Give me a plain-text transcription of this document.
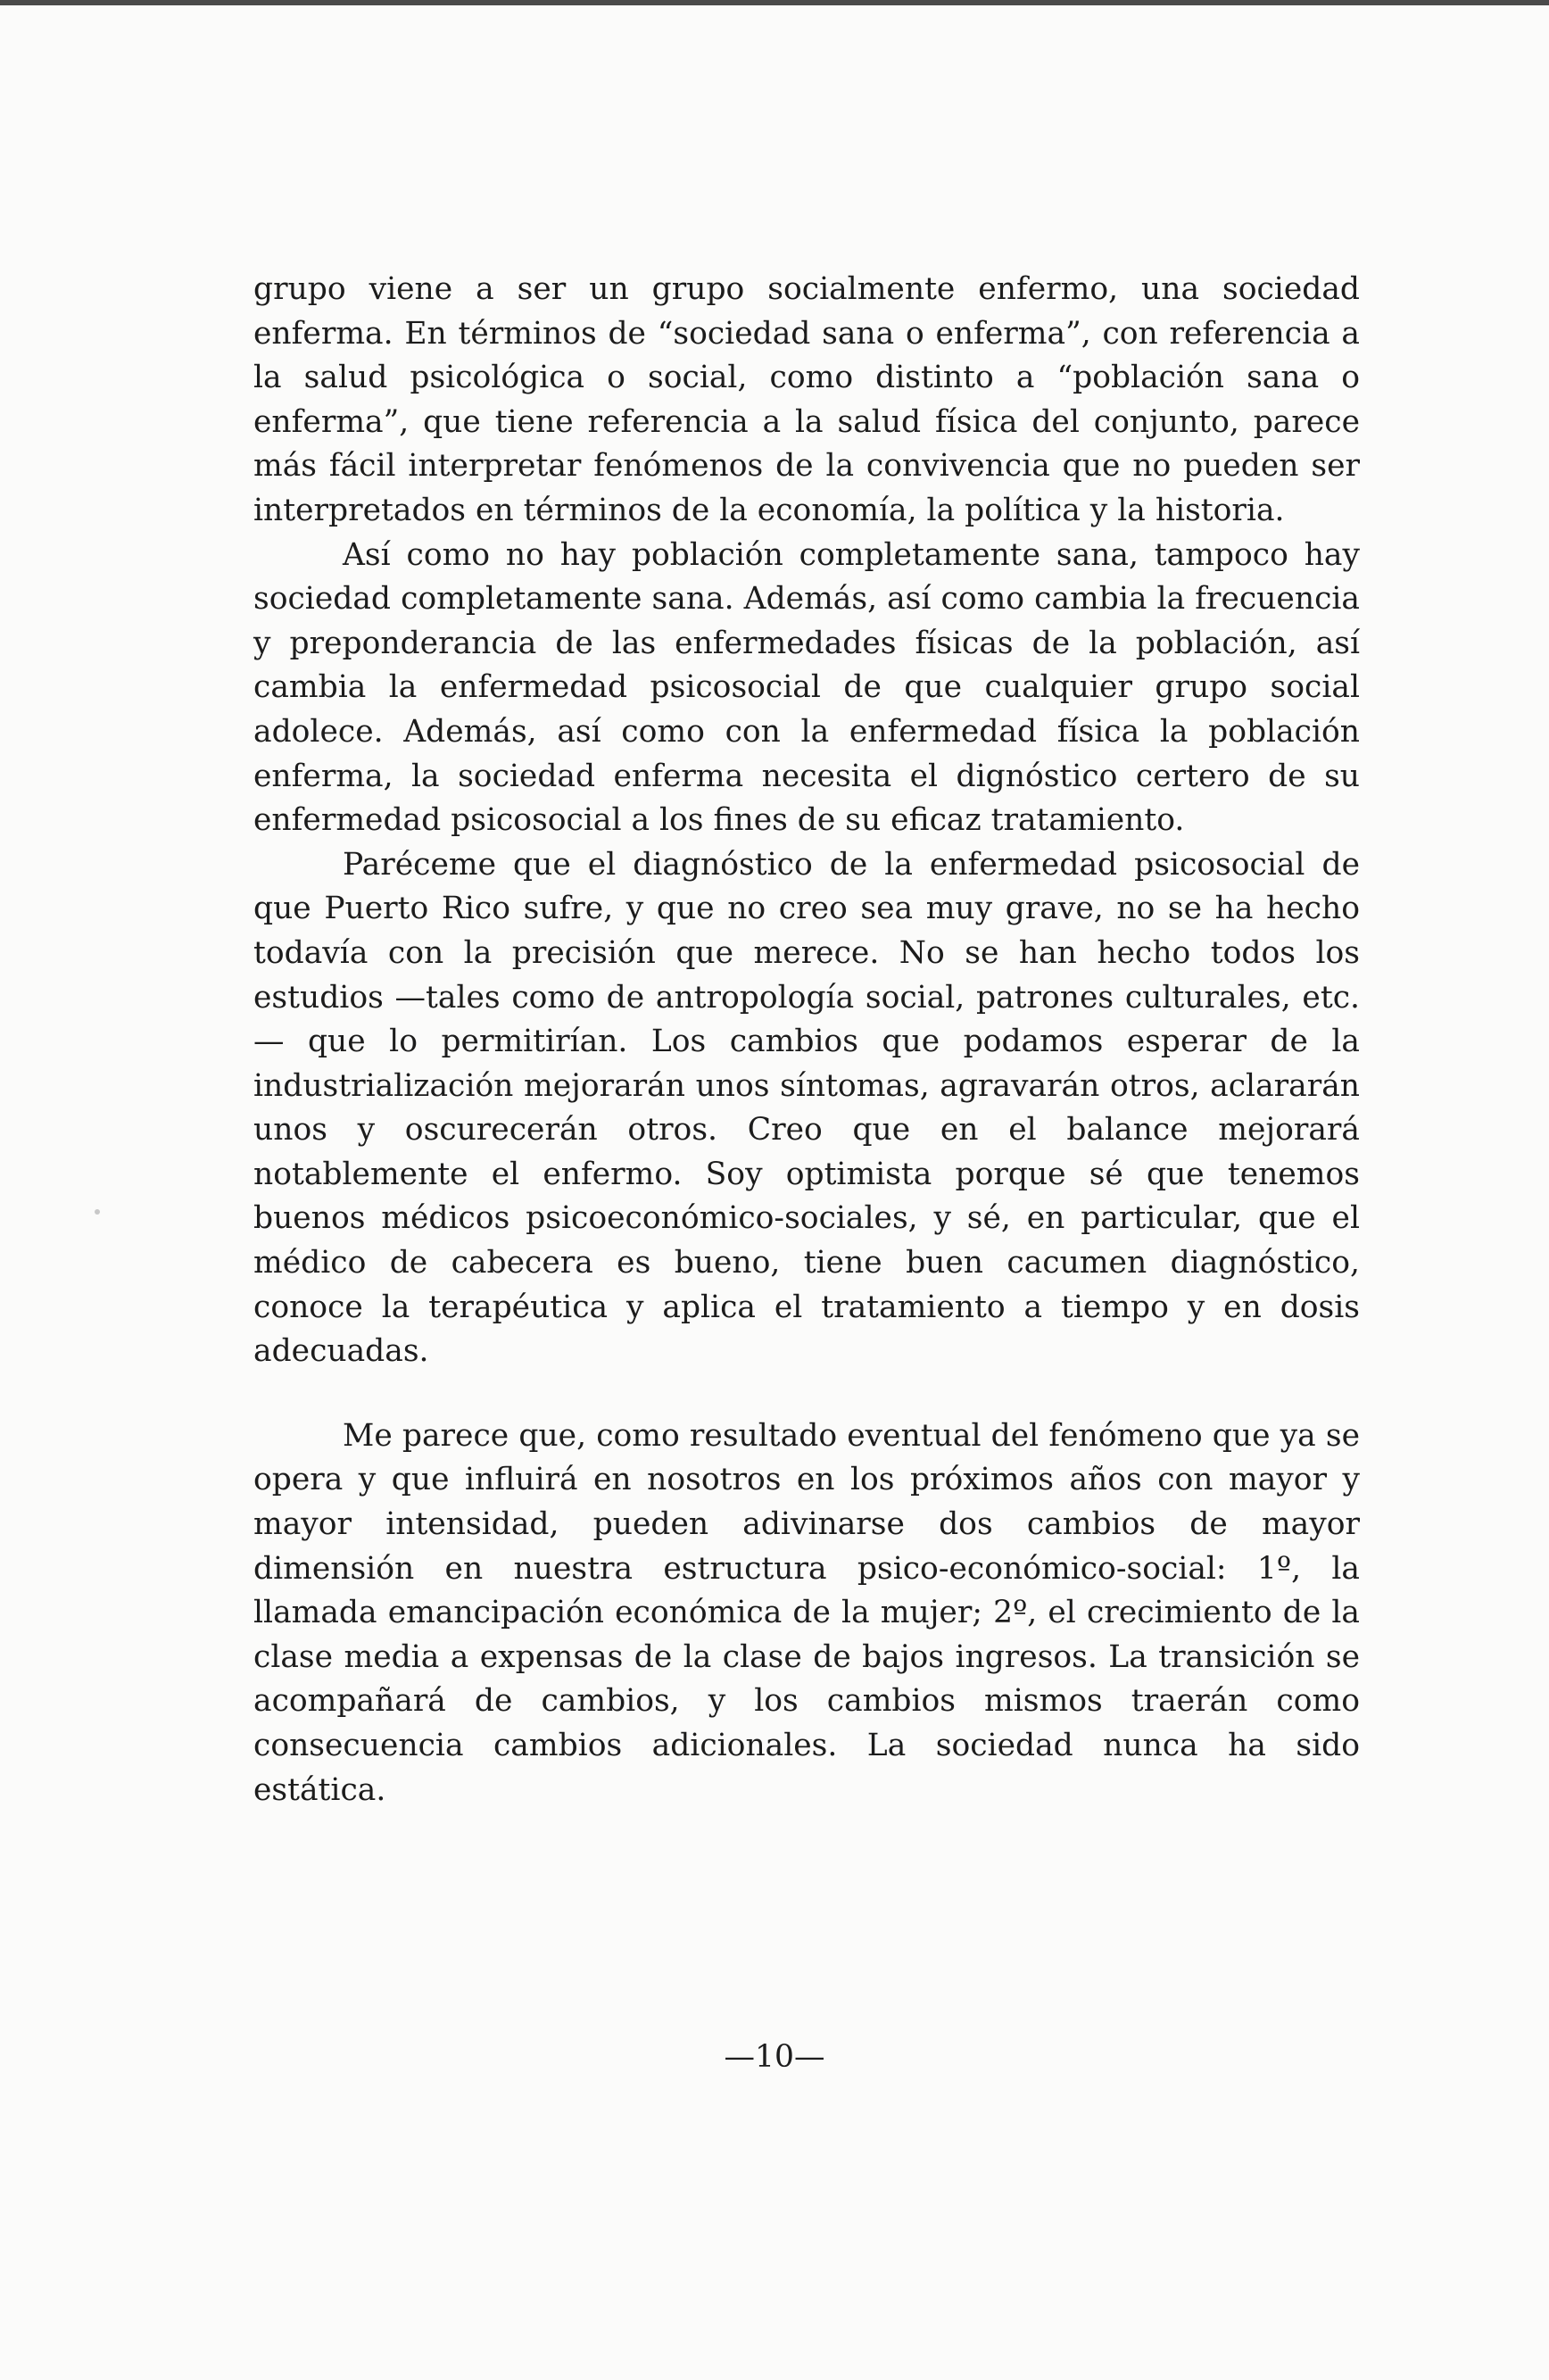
grupo viene a ser un grupo socialmente enfermo, una sociedad enferma. En términos de “sociedad sana o enferma”, con referencia a la salud psicológica o social, como distinto a “población sana o enferma”, que tiene referencia a la salud física del conjunto, parece más fácil interpretar fenómenos de la convivencia que no pueden ser interpretados en términos de la economía, la política y la historia.

Así como no hay población completamente sana, tampoco hay sociedad completamente sana. Además, así como cambia la frecuencia y preponderancia de las enfermedades físicas de la población, así cambia la enfermedad psicosocial de que cualquier grupo social adolece. Además, así como con la enfermedad física la población enferma, la sociedad enferma necesita el dignóstico certero de su enfermedad psicosocial a los fines de su eficaz tratamiento.

Paréceme que el diagnóstico de la enfermedad psicosocial de que Puerto Rico sufre, y que no creo sea muy grave, no se ha hecho todavía con la precisión que merece. No se han hecho todos los estudios —tales como de antropología social, patrones culturales, etc.— que lo permitirían. Los cambios que podamos esperar de la industrialización mejorarán unos síntomas, agravarán otros, aclararán unos y oscurecerán otros. Creo que en el balance mejorará notablemente el enfermo. Soy optimista porque sé que tenemos buenos médicos psicoeconómico-sociales, y sé, en particular, que el médico de cabecera es bueno, tiene buen cacumen diagnóstico, conoce la terapéutica y aplica el tratamiento a tiempo y en dosis adecuadas.

Me parece que, como resultado eventual del fenómeno que ya se opera y que influirá en nosotros en los próximos años con mayor y mayor intensidad, pueden adivinarse dos cambios de mayor dimensión en nuestra estructura psico-económico-social: 1º, la llamada emancipación económica de la mujer; 2º, el crecimiento de la clase media a expensas de la clase de bajos ingresos. La transición se acompañará de cambios, y los cambios mismos traerán como consecuencia cambios adicionales. La sociedad nunca ha sido estática.

—10—
